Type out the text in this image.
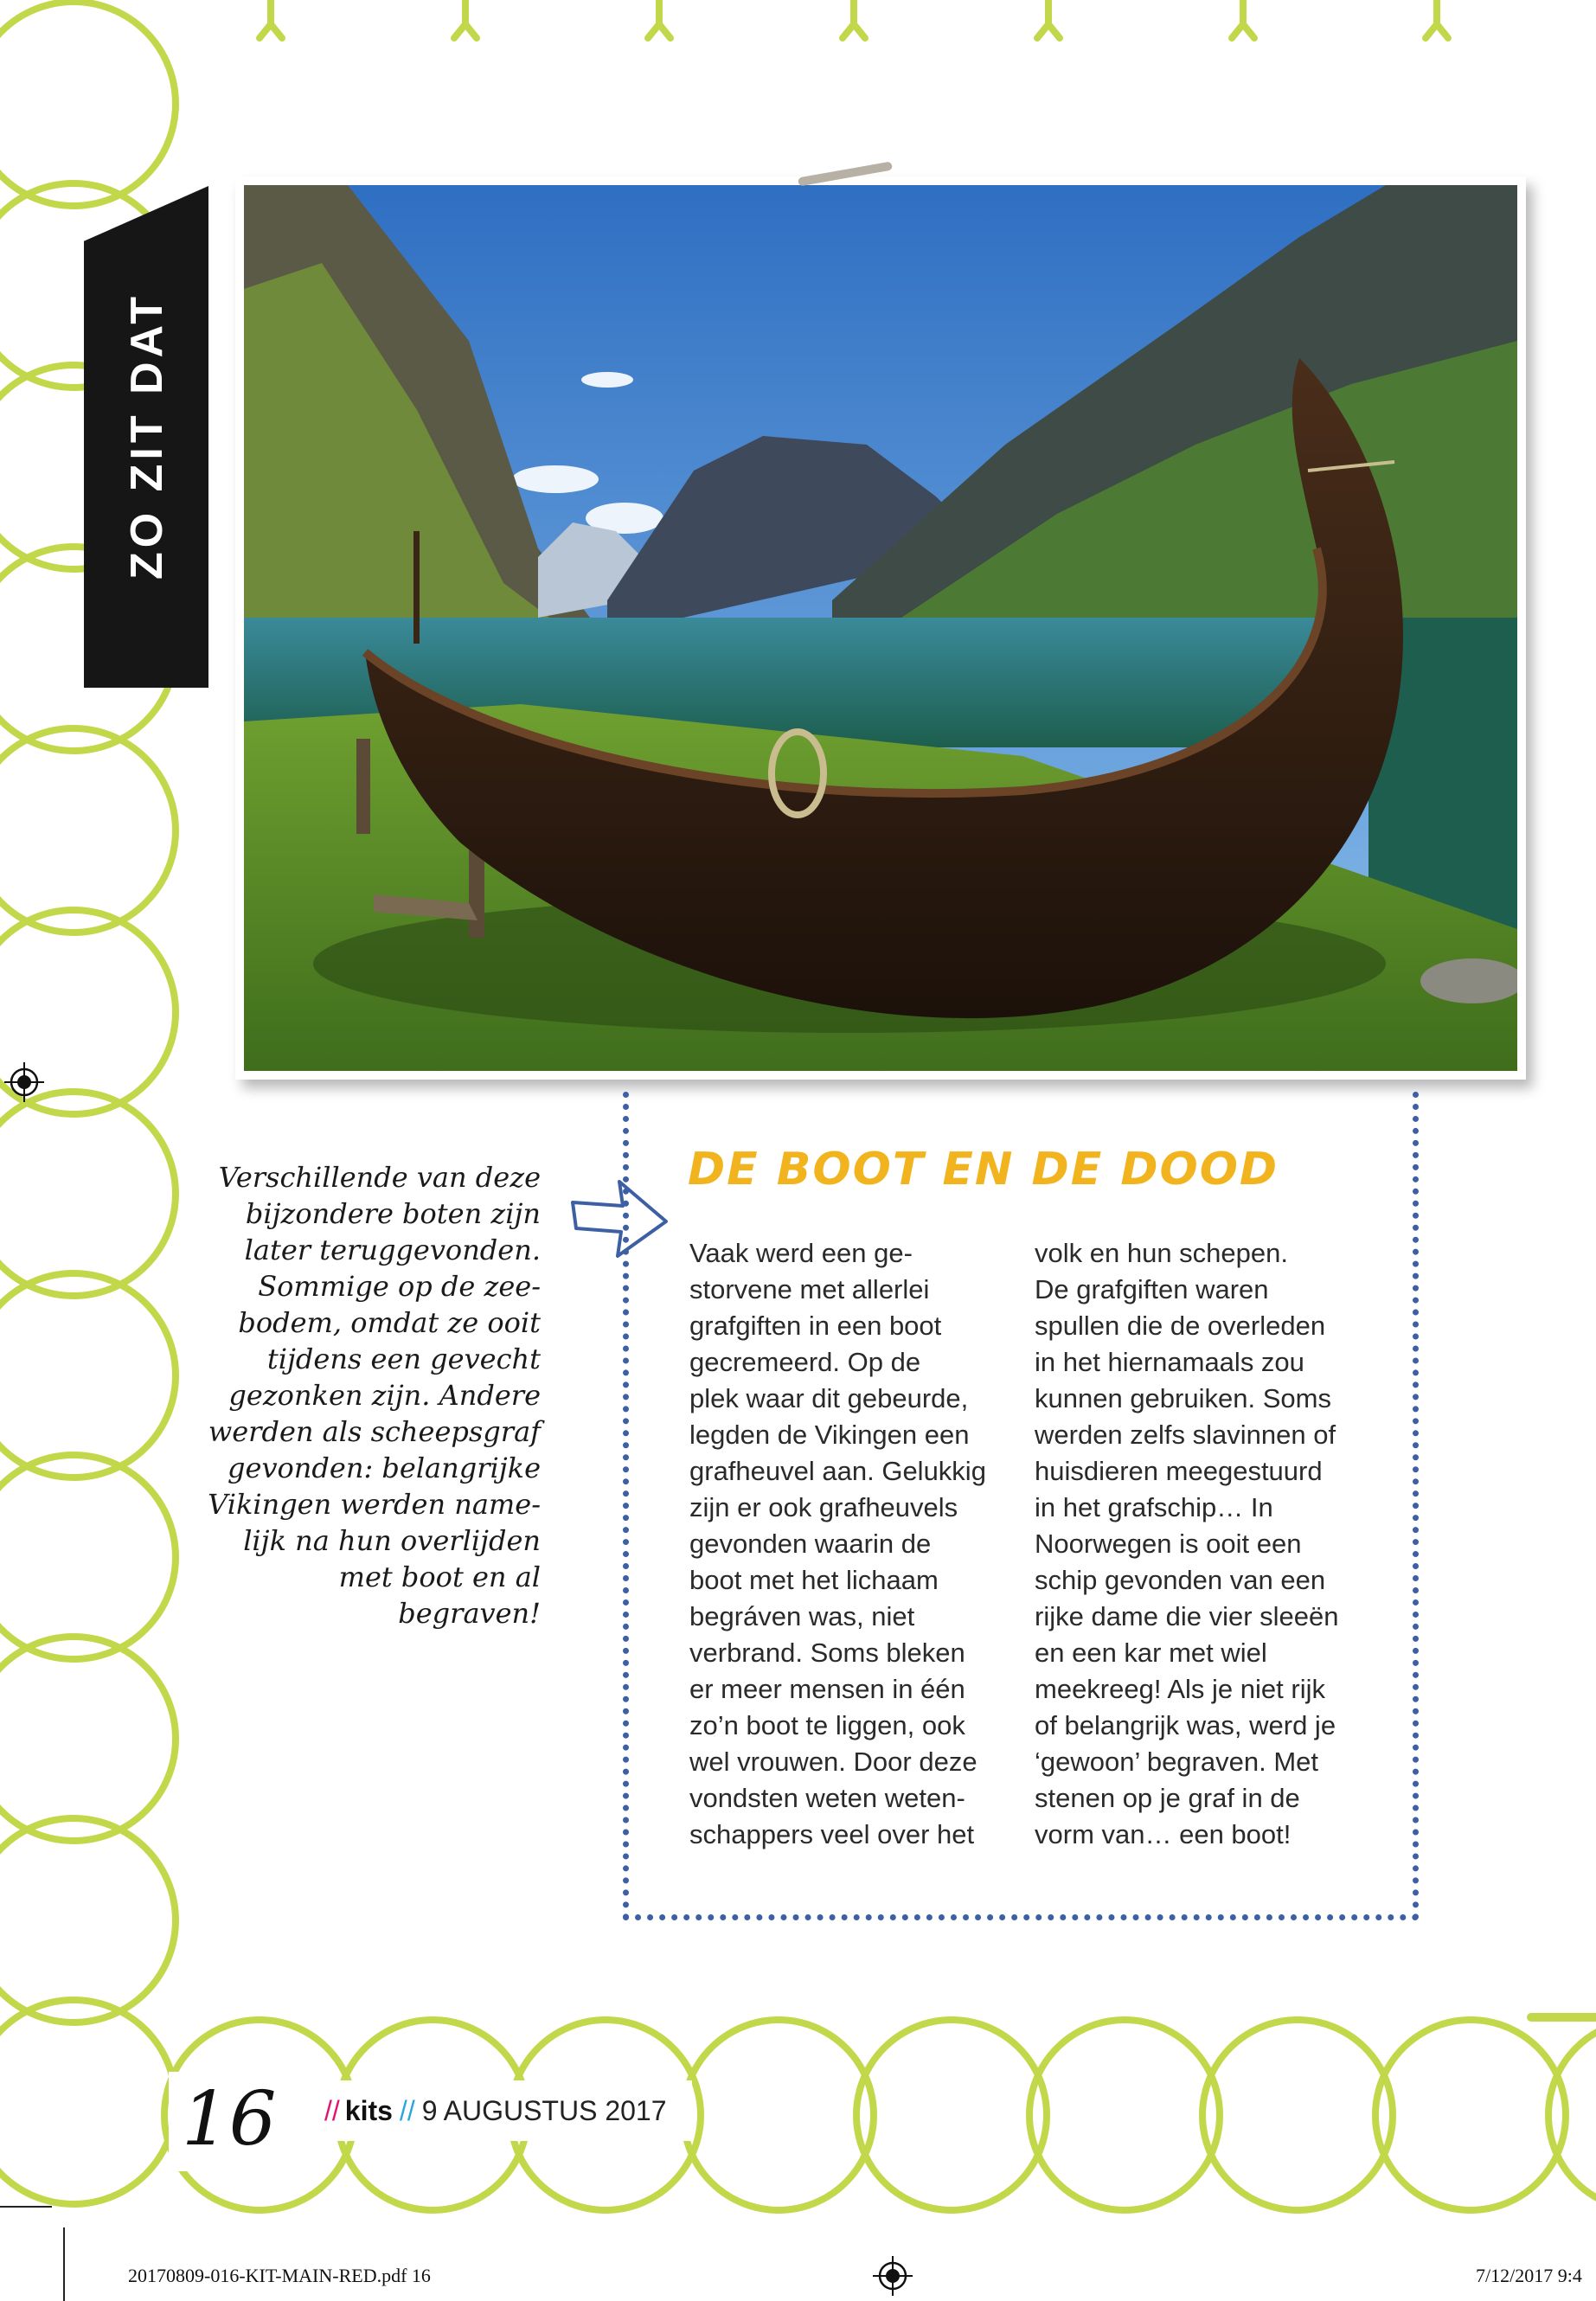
ZO ZIT DAT
Verschillende van deze
bijzondere boten zijn
later teruggevonden.
Sommige op de zee-
bodem, omdat ze ooit
tijdens een gevecht
gezonken zijn. Andere
werden als scheepsgraf
gevonden: belangrijke
Vikingen werden name-
lijk na hun overlijden
met boot en al
begraven!
DE BOOT EN DE DOOD
Vaak werd een ge-
storvene met allerlei
grafgiften in een boot
gecremeerd. Op de
plek waar dit gebeurde,
legden de Vikingen een
grafheuvel aan. Gelukkig
zijn er ook grafheuvels
gevonden waarin de
boot met het lichaam
begráven was, niet
verbrand. Soms bleken
er meer mensen in één
zo’n boot te liggen, ook
wel vrouwen. Door deze
vondsten weten weten-
schappers veel over het
volk en hun schepen.
De grafgiften waren
spullen die de overleden
in het hiernamaals zou
kunnen gebruiken. Soms
werden zelfs slavinnen of
huisdieren meegestuurd
in het grafschip… In
Noorwegen is ooit een
schip gevonden van een
rijke dame die vier sleeën
en een kar met wiel
meekreeg! Als je niet rijk
of belangrijk was, werd je
‘gewoon’ begraven. Met
stenen op je graf in de
vorm van… een boot!
16 // kits // 9 AUGUSTUS 2017
20170809-016-KIT-MAIN-RED.pdf 16	7/12/2017 9:4
